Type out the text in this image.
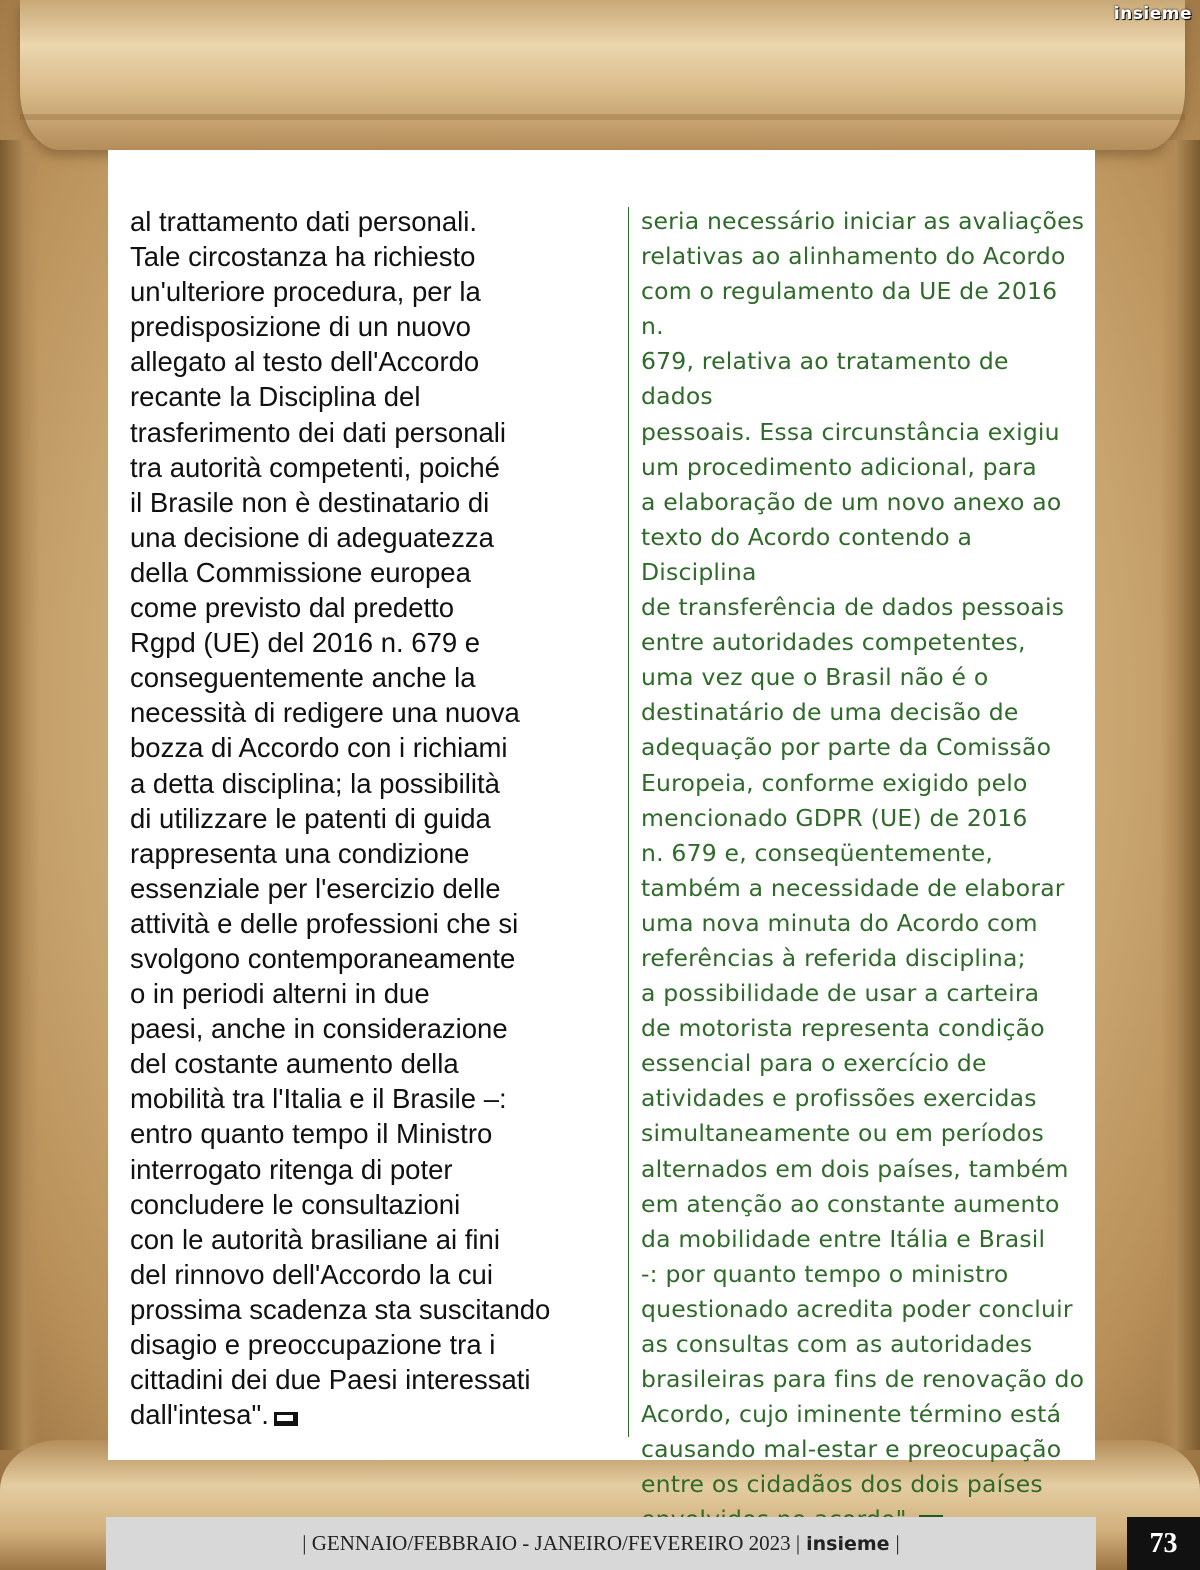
insieme
al trattamento dati personali.
Tale circostanza ha richiesto
un'ulteriore procedura, per la
predisposizione di un nuovo
allegato al testo dell'Accordo
recante la Disciplina del
trasferimento dei dati personali
tra autorità competenti, poiché
il Brasile non è destinatario di
una decisione di adeguatezza
della Commissione europea
come previsto dal predetto
Rgpd (UE) del 2016 n. 679 e
conseguentemente anche la
necessità di redigere una nuova
bozza di Accordo con i richiami
a detta disciplina; la possibilità
di utilizzare le patenti di guida
rappresenta una condizione
essenziale per l'esercizio delle
attività e delle professioni che si
svolgono contemporaneamente
o in periodi alterni in due
paesi, anche in considerazione
del costante aumento della
mobilità tra l'Italia e il Brasile –:
entro quanto tempo il Ministro
interrogato ritenga di poter
concludere le consultazioni
con le autorità brasiliane ai fini
del rinnovo dell'Accordo la cui
prossima scadenza sta suscitando
disagio e preoccupazione tra i
cittadini dei due Paesi interessati
dall'intesa".
seria necessário iniciar as avaliações
relativas ao alinhamento do Acordo
com o regulamento da UE de 2016 n.
679, relativa ao tratamento de dados
pessoais. Essa circunstância exigiu
um procedimento adicional, para
a elaboração de um novo anexo ao
texto do Acordo contendo a Disciplina
de transferência de dados pessoais
entre autoridades competentes,
uma vez que o Brasil não é o
destinatário de uma decisão de
adequação por parte da Comissão
Europeia, conforme exigido pelo
mencionado GDPR (UE) de 2016
n. 679 e, conseqüentemente,
também a necessidade de elaborar
uma nova minuta do Acordo com
referências à referida disciplina;
a possibilidade de usar a carteira
de motorista representa condição
essencial para o exercício de
atividades e profissões exercidas
simultaneamente ou em períodos
alternados em dois países, também
em atenção ao constante aumento
da mobilidade entre Itália e Brasil
-: por quanto tempo o ministro
questionado acredita poder concluir
as consultas com as autoridades
brasileiras para fins de renovação do
Acordo, cujo iminente término está
causando mal-estar e preocupação
entre os cidadãos dos dois países

|
GENNAIO/FEBBRAIO - JANEIRO/FEVEREIRO 2023
| insieme |	73
